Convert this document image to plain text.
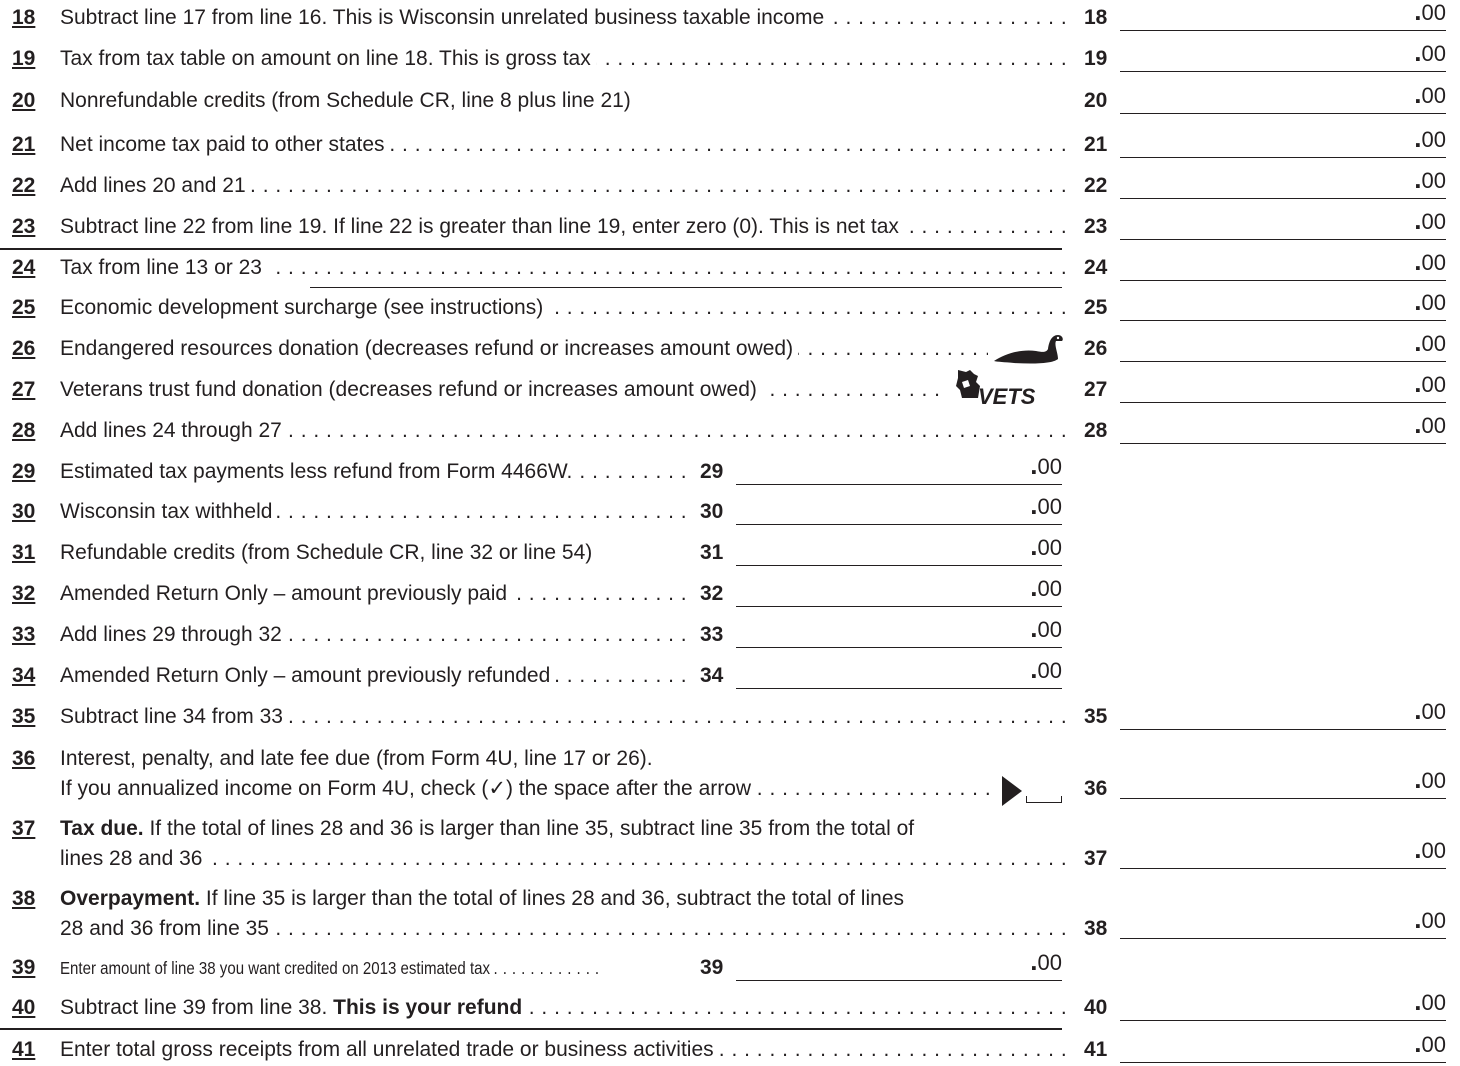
18 Subtract line 17 from line 16. This is Wisconsin unrelated business taxable income . . .	18	.00
19 Tax from tax table on amount on line 18. This is gross tax . . .	19	.00
20 Nonrefundable credits (from Schedule CR, line 8 plus line 21)	20	.00
21 Net income tax paid to other states . . .	21	.00
22 Add lines 20 and 21 . . .	22	.00
23 Subtract line 22 from line 19. If line 22 is greater than line 19, enter zero (0). This is net tax . . .	23	.00
24 Tax from line 13 or 23 . . .	24	.00
25 Economic development surcharge (see instructions) . . .	25	.00
26 Endangered resources donation (decreases refund or increases amount owed) . . .	26	.00
27 Veterans trust fund donation (decreases refund or increases amount owed) . . .	VETS 27	.00
28 Add lines 24 through 27 . . .	28	.00
29 Estimated tax payments less refund from Form 4466W. . . .	29	.00
30 Wisconsin tax withheld . . .	30	.00
31 Refundable credits (from Schedule CR, line 32 or line 54)	31	.00
32 Amended Return Only – amount previously paid . . .	32	.00
33 Add lines 29 through 32 . . .	33	.00
34 Amended Return Only – amount previously refunded . . .	34	.00
35 Subtract line 34 from 33 . . .	35	.00
36 Interest, penalty, and late fee due (from Form 4U, line 17 or 26).
If you annualized income on Form 4U, check (✓) the space after the arrow . . .	36	.00
37 Tax due. If the total of lines 28 and 36 is larger than line 35, subtract line 35 from the total of
lines 28 and 36 . . .	37	.00
38 Overpayment. If line 35 is larger than the total of lines 28 and 36, subtract the total of lines
28 and 36 from line 35 . . .	38	.00
39 Enter amount of line 38 you want credited on 2013 estimated tax . . .	39	.00
40 Subtract line 39 from line 38. This is your refund . . .	40	.00
41 Enter total gross receipts from all unrelated trade or business activities . . .	41	.00
